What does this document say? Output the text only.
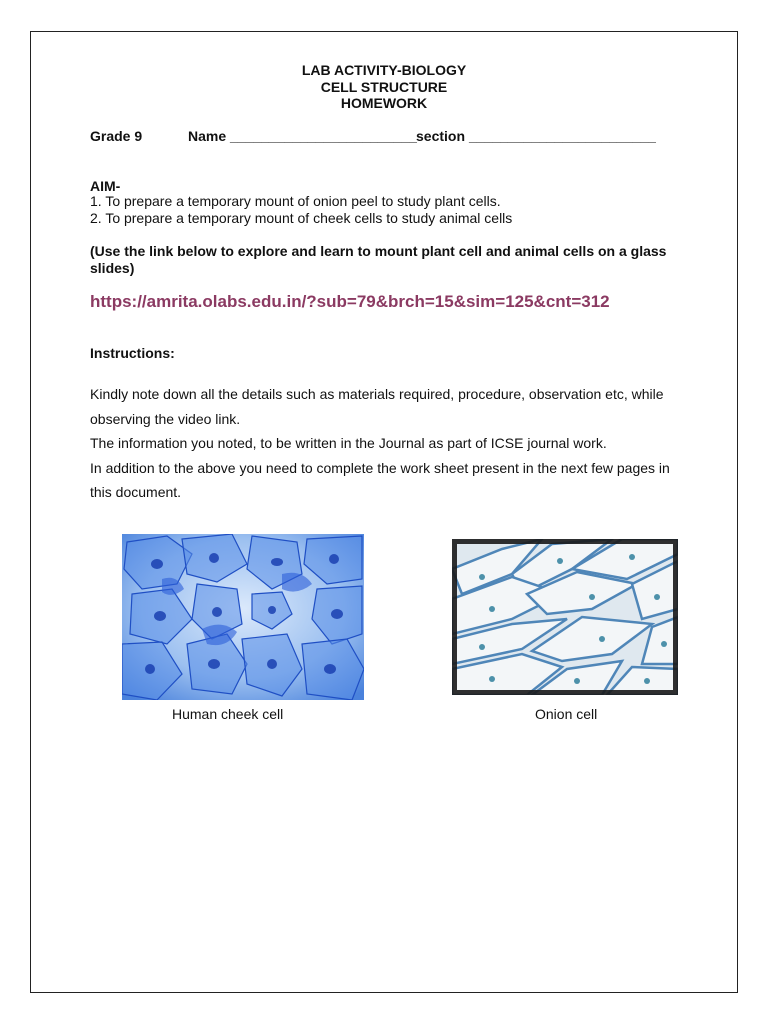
LAB ACTIVITY-BIOLOGY
CELL STRUCTURE
HOMEWORK
Grade 9	Name ________________________ section ________________________
AIM-
1. To prepare a temporary mount of onion peel to study plant cells.
2. To prepare a temporary mount of cheek cells to study animal cells
(Use the link below to explore and learn to mount plant cell and animal cells on a glass
slides)
https://amrita.olabs.edu.in/?sub=79&brch=15&sim=125&cnt=312
Instructions:
Kindly note down all the details such as materials required, procedure, observation etc, while
observing the video link.
The information you noted, to be written in the Journal as part of ICSE journal work.
In addition to the above you need to complete the work sheet present in the next few pages in
this document.
Human cheek cell	Onion cell
